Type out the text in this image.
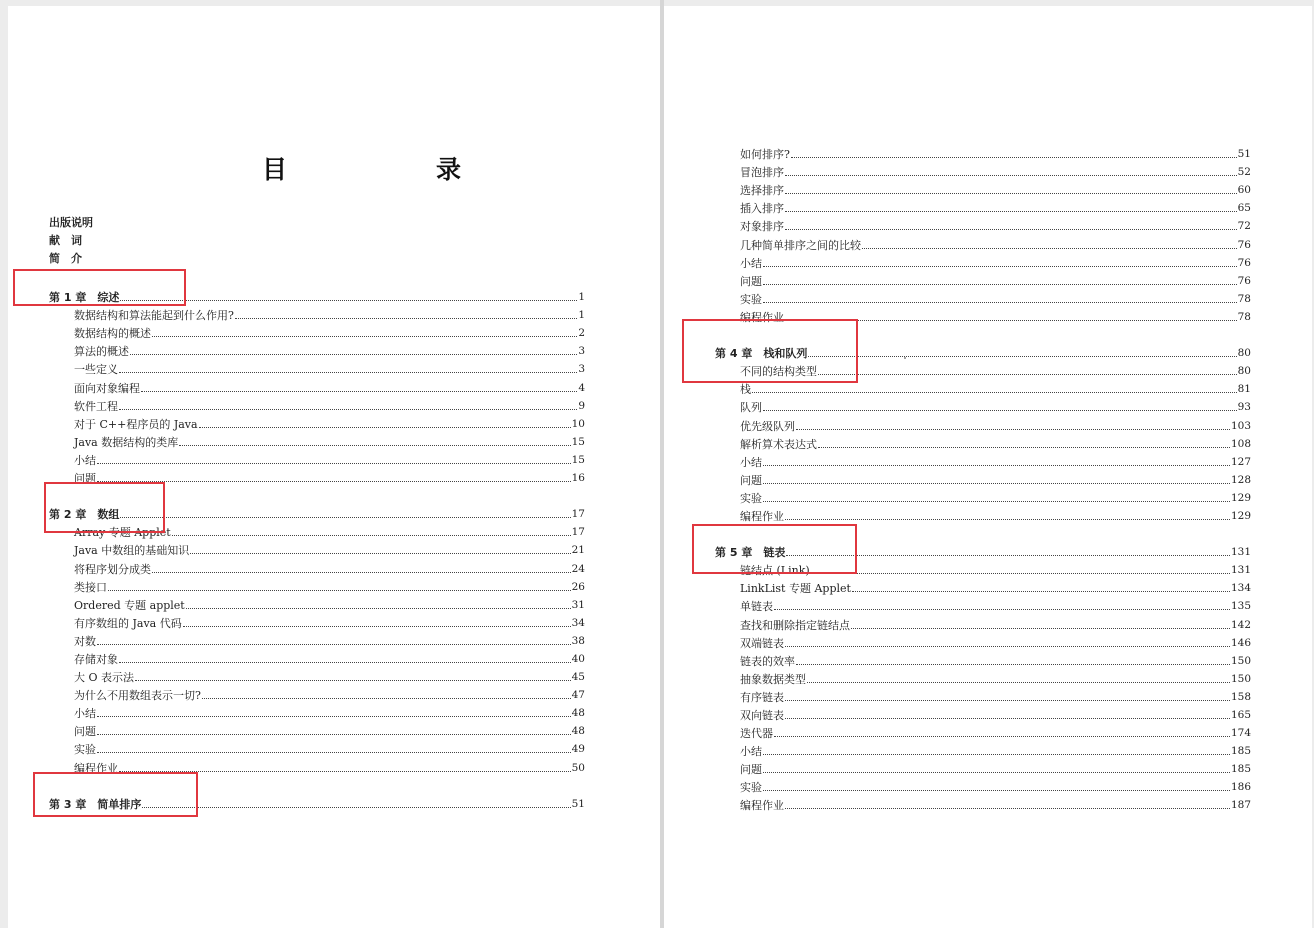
目　录
出版说明
献　词
简　介
第 1 章　综述	1
数据结构和算法能起到什么作用?	1
数据结构的概述	2
算法的概述	3
一些定义	3
面向对象编程	4
软件工程	9
对于 C++程序员的 Java	10
Java 数据结构的类库	15
小结	15
问题	16
第 2 章　数组	17
Array 专题 Applet	17
Java 中数组的基础知识	21
将程序划分成类	24
类接口	26
Ordered 专题 applet	31
有序数组的 Java 代码	34
对数	38
存储对象	40
大 O 表示法	45
为什么不用数组表示一切?	47
小结	48
问题	48
实验	49
编程作业	50
第 3 章　简单排序	51
如何排序?	51
冒泡排序	52
选择排序	60
插入排序	65
对象排序	72
几种简单排序之间的比较	76
小结	76
问题	76
实验	78
编程作业	78
第 4 章　栈和队列	80
不同的结构类型	80
栈	81
队列	93
优先级队列	103
解析算术表达式	108
小结	127
问题	128
实验	129
编程作业	129
第 5 章　链表	131
链结点 (Link)	131
LinkList 专题 Applet	134
单链表	135
查找和删除指定链结点	142
双端链表	146
链表的效率	150
抽象数据类型	150
有序链表	158
双向链表	165
迭代器	174
小结	185
问题	185
实验	186
编程作业	187
